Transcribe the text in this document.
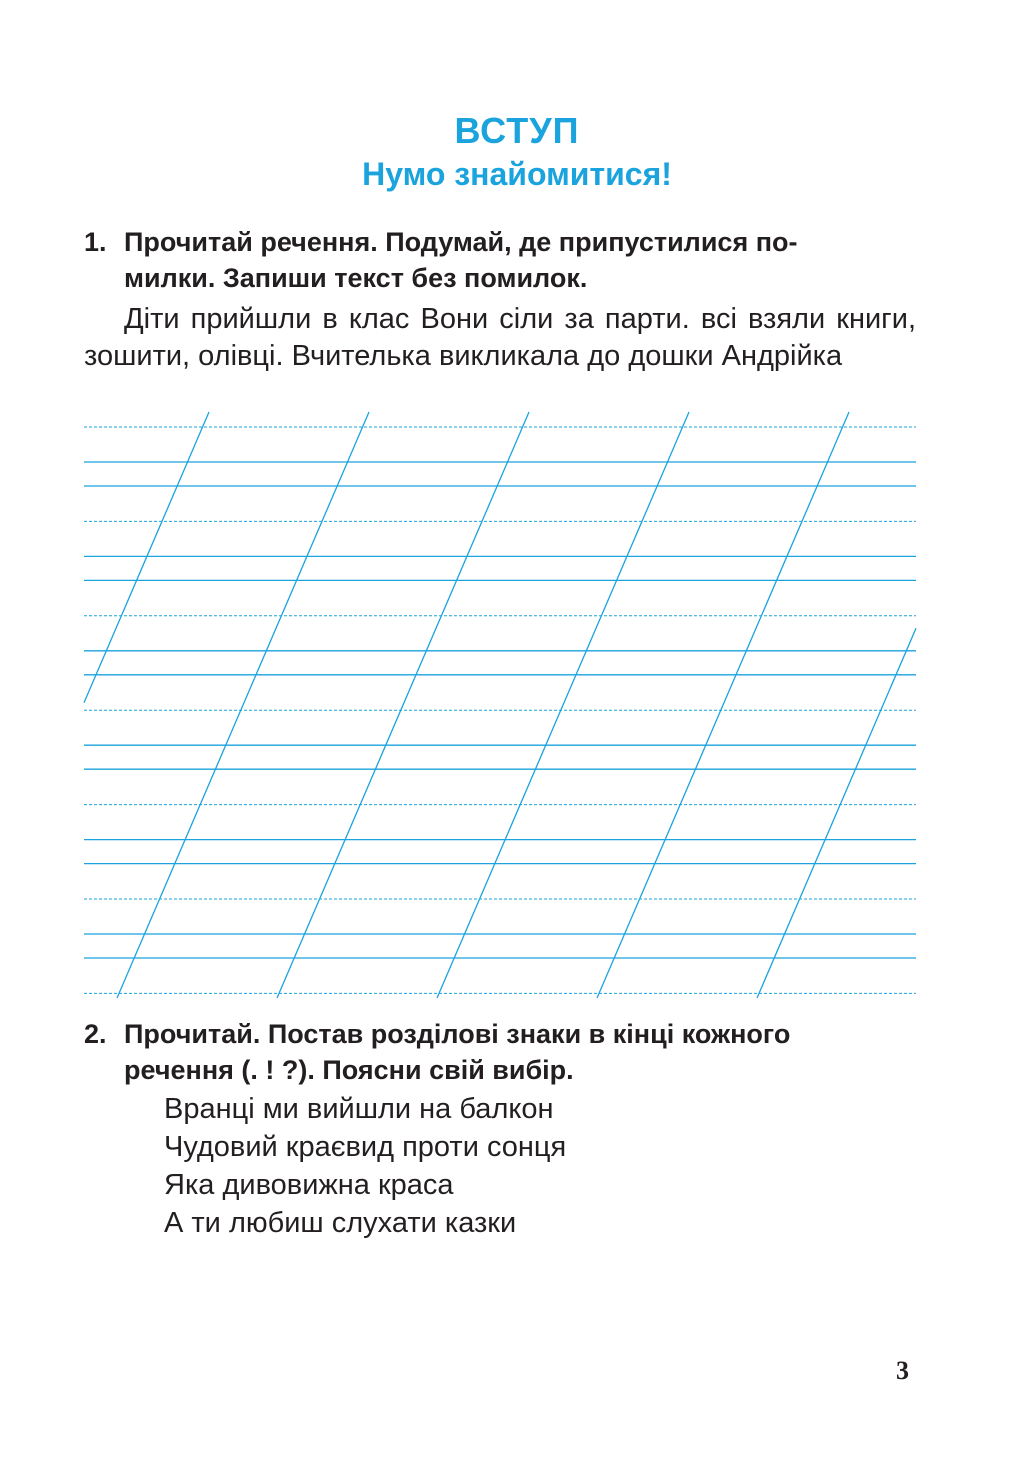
ВСТУП
Нумо знайомитися!
1. Прочитай речення. Подумай, де припустилися по-
милки. Запиши текст без помилок.
Діти прийшли в клас Вони сіли за парти. всі взяли книги, зошити, олівці. Вчителька викликала до дошки Андрійка
2. Прочитай. Постав розділові знаки в кінці кожного
речення (. ! ?). Поясни свій вибір.
Вранці ми вийшли на балкон
Чудовий краєвид проти сонця
Яка дивовижна краса
А ти любиш слухати казки
3
